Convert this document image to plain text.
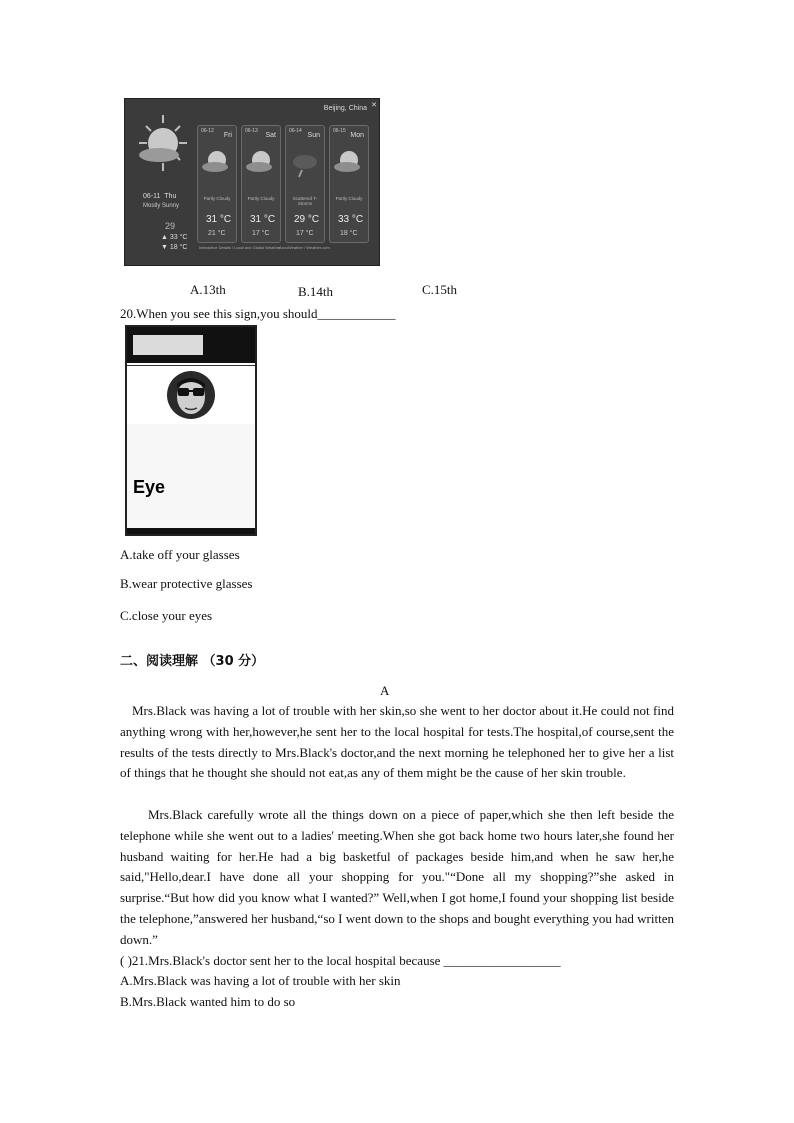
Beijing, China ✕
06-11 Thu
Mostly Sunny
29
▲ 33 °C
▼ 18 °C
06-12
Fri
Partly Cloudy
31 °C
21 °C
06-13
Sat
Partly Cloudy
31 °C
17 °C
06-14
Sun
Scattered T-Storms
29 °C
17 °C
06-15
Mon
Partly Cloudy
33 °C
18 °C
Interactive Details / Local and Global Weather
AccuWeather / Weather.com
A.13th	B.14th	C.15th
20.When you see this sign,you should____________
Eye
A.take off your glasses
B.wear protective glasses
C.close your eyes
二、阅读理解 （30 分）
A
Mrs.Black was having a lot of trouble with her skin,so she went to her doctor about it.He could not find anything wrong with her,however,he sent her to the local hospital for tests.The hospital,of course,sent the results of the tests directly to Mrs.Black's doctor,and the next morning he telephoned her to give her a list of things that he thought she should not eat,as any of them might be the cause of her skin trouble.
Mrs.Black carefully wrote all the things down on a piece of paper,which she then left beside the telephone while she went out to a ladies' meeting.When she got back home two hours later,she found her husband waiting for her.He had a big basketful of packages beside him,and when he saw her,he said,"Hello,dear.I have done all your shopping for you."“Done all my shopping?”she asked in surprise.“But how did you know what I wanted?” Well,when I got home,I found your shopping list beside the telephone,”answered her husband,“so I went down to the shops and bought everything you had written down.”
( )21.Mrs.Black's doctor sent her to the local hospital because __________________
A.Mrs.Black was having a lot of trouble with her skin
B.Mrs.Black wanted him to do so
